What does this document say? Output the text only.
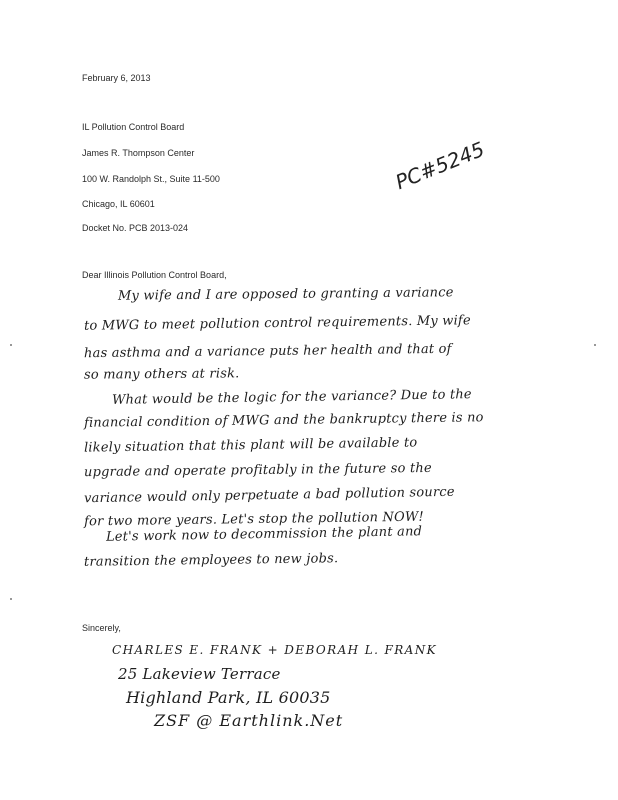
February 6, 2013
IL Pollution Control Board
James R. Thompson Center
100 W. Randolph St., Suite 11-500
Chicago, IL 60601
Docket No. PCB 2013-024
PC#5245
Dear Illinois Pollution Control Board,
My wife and I are opposed to granting a variance
to MWG to meet pollution control requirements. My wife
has asthma and a variance puts her health and that of
so many others at risk.
What would be the logic for the variance? Due to the
financial condition of MWG and the bankruptcy there is no
likely situation that this plant will be available to
upgrade and operate profitably in the future so the
variance would only perpetuate a bad pollution source
for two more years. Let's stop the pollution NOW!
Let's work now to decommission the plant and
transition the employees to new jobs.
Sincerely,
CHARLES E. FRANK + DEBORAH L. FRANK
25 Lakeview Terrace
Highland Park, IL 60035
ZSF @ Earthlink.Net
